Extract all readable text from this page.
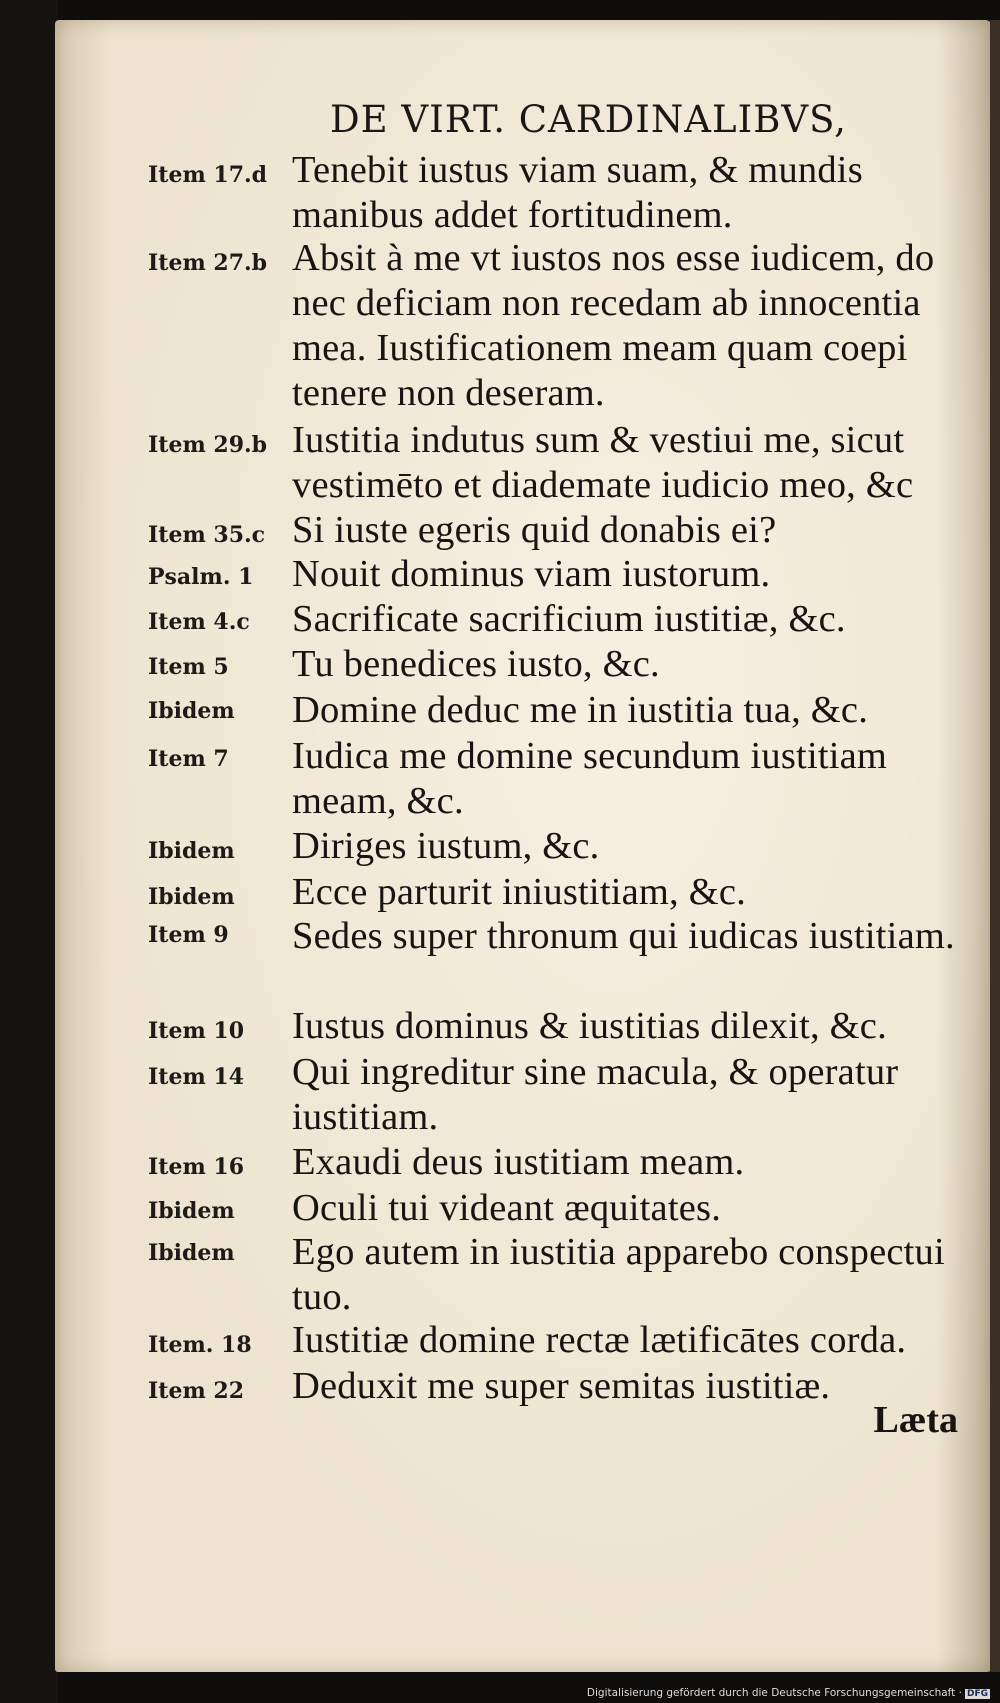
DE VIRT. CARDINALIBVS,
Item 17.d Tenebit iustus viam suam, & mundis manibus addet fortitudinem.
Item 27.b Absit à me vt iustos nos esse iudicem, do nec deficiam non recedam ab innocentia mea. Iustificationem meam quam coepi tenere non deseram.
Item 29.b Iustitia indutus sum & vestiui me, sicut vestimēto et diademate iudicio meo, &c
Item 35.c Si iuste egeris quid donabis ei?
Psalm. 1	Nouit dominus viam iustorum.
Item 4.c	Sacrificate sacrificium iustitiæ, &c.
Item 5	Tu benedices iusto, &c.
Ibidem	Domine deduc me in iustitia tua, &c.
Item 7	Iudica me domine secundum iustitiam meam, &c.
Ibidem	Diriges iustum, &c.
Ibidem	Ecce parturit iniustitiam, &c.
Item 9	Sedes super thronum qui iudicas iustitiam.
Item 10	Iustus dominus & iustitias dilexit, &c.
Item 14	Qui ingreditur sine macula, & operatur iustitiam.
Item 16	Exaudi deus iustitiam meam.
Ibidem	Oculi tui videant æquitates.
Ibidem	Ego autem in iustitia apparebo conspectui tuo.
Item. 18	Iustitiæ domine rectæ lætificātes corda.
Item 22	Deduxit me super semitas iustitiæ.
Læta
Digitalisierung gefördert durch die Deutsche Forschungsgemeinschaft · DFG
